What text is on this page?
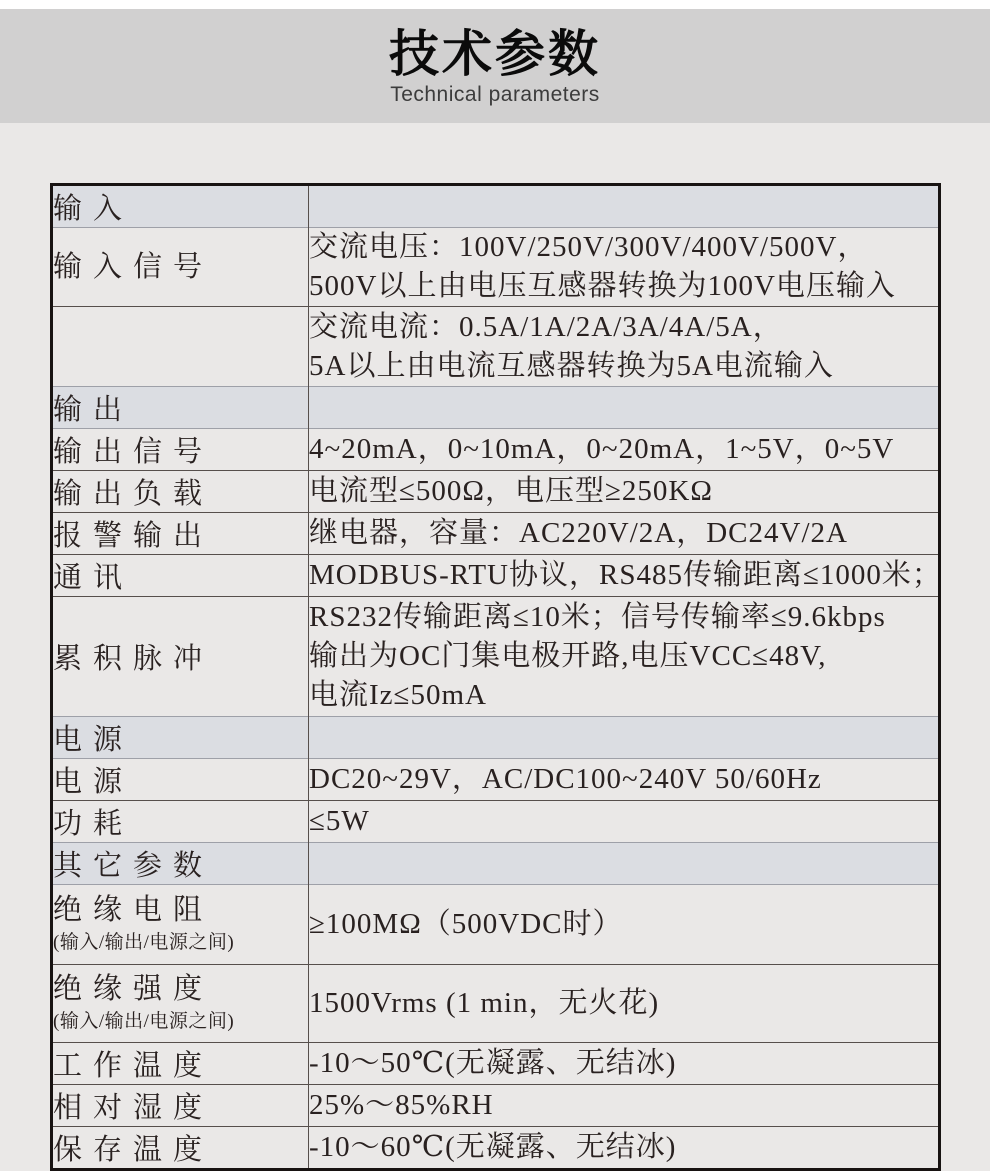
技术参数
Technical parameters
输入	
输入信号	交流电压：100V/250V/300V/400V/500V，
500V以上由电压互感器转换为100V电压输入

	交流电流：0.5A/1A/2A/3A/4A/5A，
5A以上由电流互感器转换为5A电流输入

输出	
输出信号	4~20mA，0~10mA，0~20mA，1~5V，0~5V

输出负载	电流型≤500Ω，电压型≥250KΩ

报警输出	继电器，容量：AC220V/2A，DC24V/2A

通讯	MODBUS-RTU协议，RS485传输距离≤1000米；

累积脉冲	RS232传输距离≤10米；信号传输率≤9.6kbps
输出为OC门集电极开路,电压VCC≤48V,
电流Iz≤50mA

电源	
电源	DC20~29V，AC/DC100~240V 50/60Hz

功耗	≤5W

其它参数	

绝缘电阻
(输入/输出/电源之间)	≥100MΩ（500VDC时）

绝缘强度
(输入/输出/电源之间)	1500Vrms (1 min，无火花)

工作温度	-10～50℃(无凝露、无结冰)

相对湿度	25%～85%RH

保存温度	-10～60℃(无凝露、无结冰)
